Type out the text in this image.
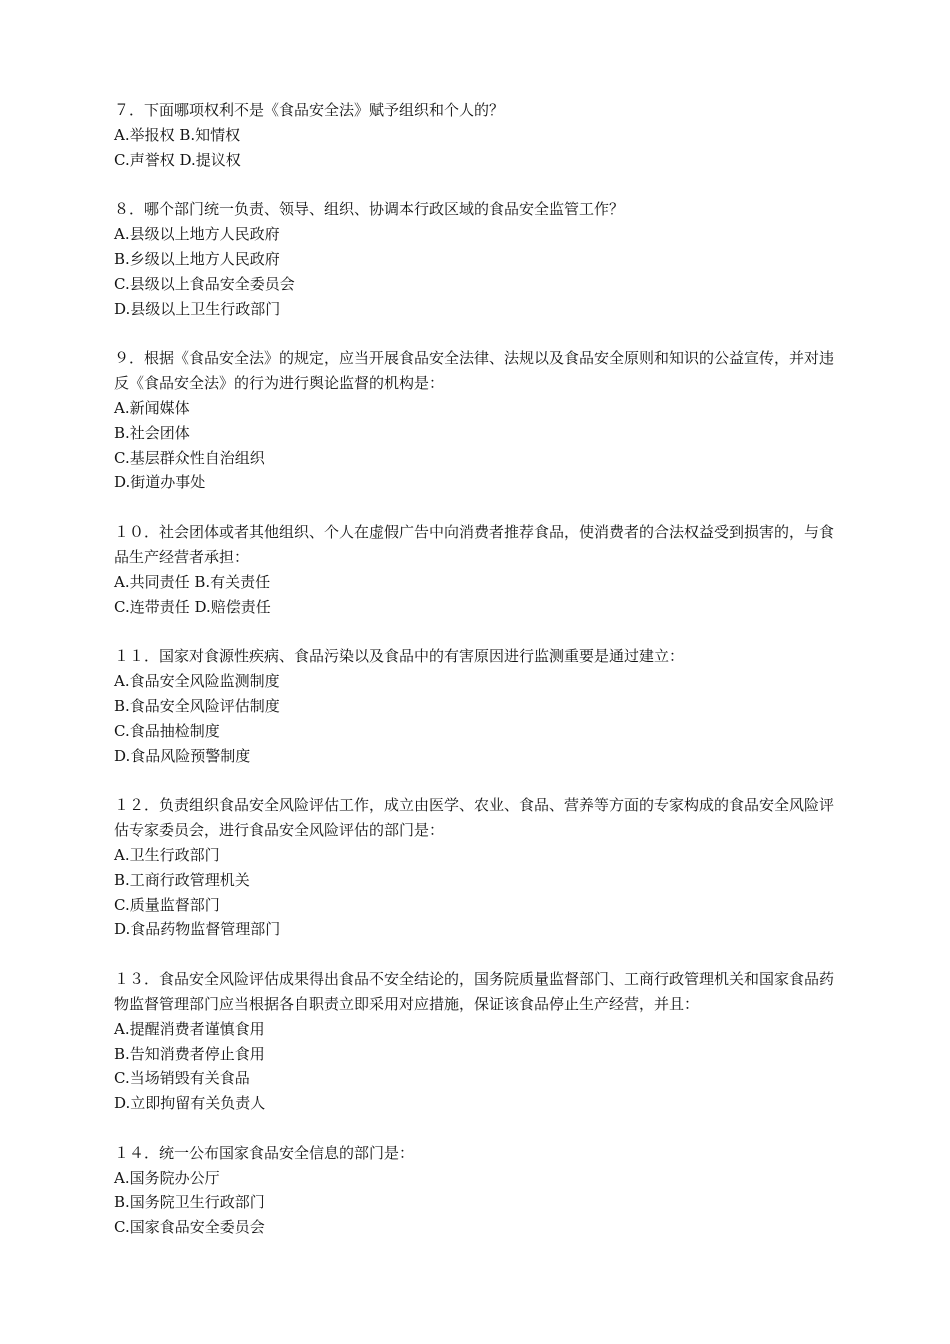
７．下面哪项权利不是《食品安全法》赋予组织和个人的？

A.举报权 B.知情权

C.声誉权 D.提议权

８．哪个部门统一负责、领导、组织、协调本行政区域的食品安全监管工作？

A.县级以上地方人民政府

B.乡级以上地方人民政府

C.县级以上食品安全委员会

D.县级以上卫生行政部门

９．根据《食品安全法》的规定，应当开展食品安全法律、法规以及食品安全原则和知识的公益宣传，并对违反《食品安全法》的行为进行舆论监督的机构是：

A.新闻媒体

B.社会团体

C.基层群众性自治组织

D.街道办事处

１０．社会团体或者其他组织、个人在虚假广告中向消费者推荐食品，使消费者的合法权益受到损害的，与食品生产经营者承担：

A.共同责任 B.有关责任

C.连带责任 D.赔偿责任

１１．国家对食源性疾病、食品污染以及食品中的有害原因进行监测重要是通过建立：

A.食品安全风险监测制度

B.食品安全风险评估制度

C.食品抽检制度

D.食品风险预警制度

１２．负责组织食品安全风险评估工作，成立由医学、农业、食品、营养等方面的专家构成的食品安全风险评估专家委员会，进行食品安全风险评估的部门是：

A.卫生行政部门

B.工商行政管理机关

C.质量监督部门

D.食品药物监督管理部门

１３．食品安全风险评估成果得出食品不安全结论的，国务院质量监督部门、工商行政管理机关和国家食品药物监督管理部门应当根据各自职责立即采用对应措施，保证该食品停止生产经营，并且：

A.提醒消费者谨慎食用

B.告知消费者停止食用

C.当场销毁有关食品

D.立即拘留有关负责人

１４．统一公布国家食品安全信息的部门是：

A.国务院办公厅

B.国务院卫生行政部门

C.国家食品安全委员会
